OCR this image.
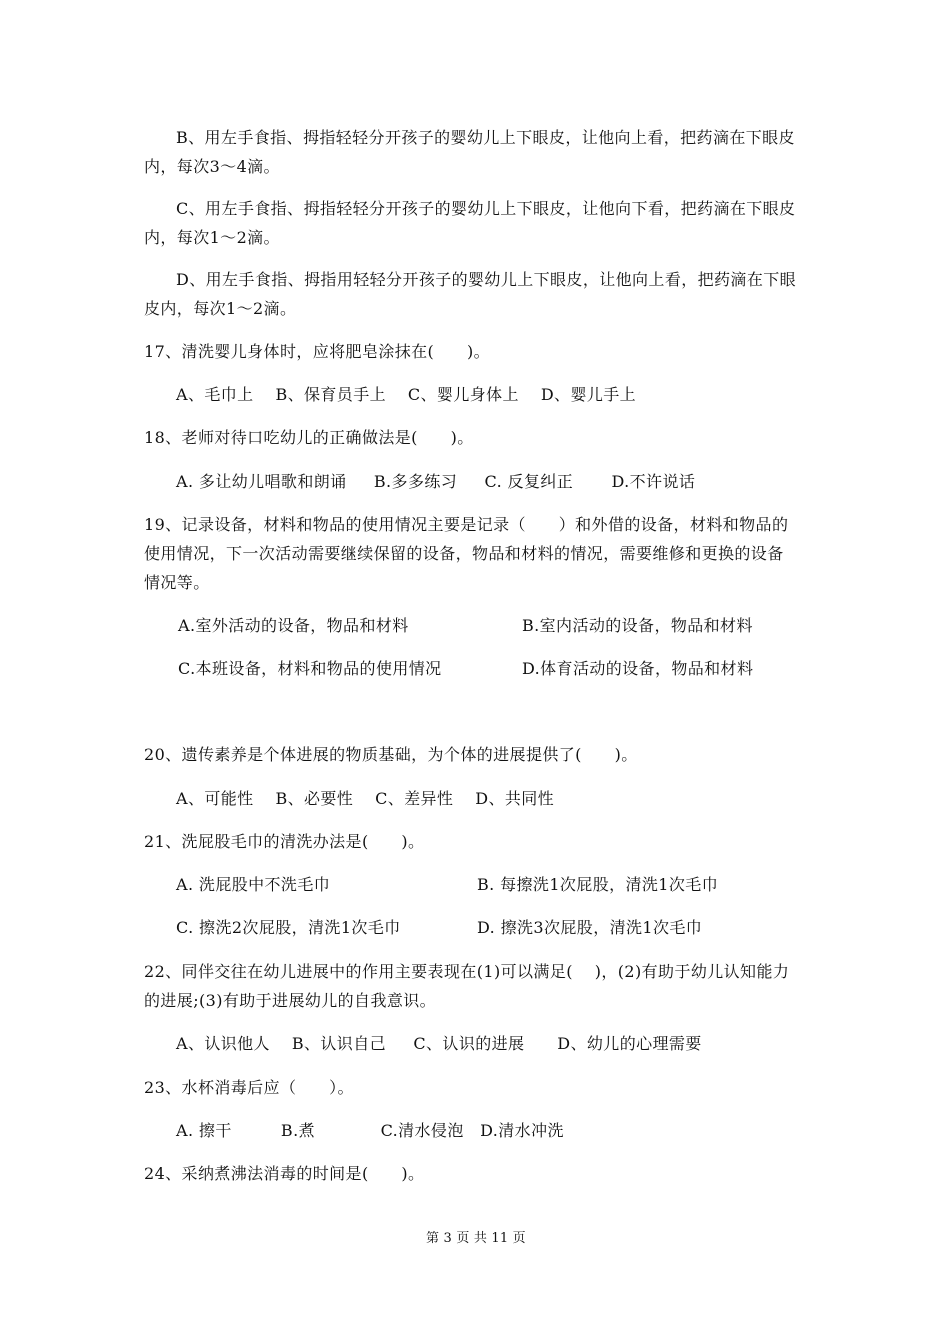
B、用左手食指、拇指轻轻分开孩子的婴幼儿上下眼皮，让他向上看，把药滴在下眼皮
内，每次3～4滴。
C、用左手食指、拇指轻轻分开孩子的婴幼儿上下眼皮，让他向下看，把药滴在下眼皮
内，每次1～2滴。
D、用左手食指、拇指用轻轻分开孩子的婴幼儿上下眼皮，让他向上看，把药滴在下眼
皮内，每次1～2滴。
17、清洗婴儿身体时，应将肥皂涂抹在(　　)。
A、毛巾上　 B、保育员手上　 C、婴儿身体上　 D、婴儿手上
18、老师对待口吃幼儿的正确做法是(　　)。
A. 多让幼儿唱歌和朗诵　  B.多多练习　  C. 反复纠正　    D.不许说话
19、记录设备，材料和物品的使用情况主要是记录（　　）和外借的设备，材料和物品的
使用情况，下一次活动需要继续保留的设备，物品和材料的情况，需要维修和更换的设备
情况等。
A.室外活动的设备，物品和材料	B.室内活动的设备，物品和材料
C.本班设备，材料和物品的使用情况	D.体育活动的设备，物品和材料
20、遗传素养是个体进展的物质基础，为个体的进展提供了(　　)。
A、可能性　 B、必要性　 C、差异性　 D、共同性
21、洗屁股毛巾的清洗办法是(　　)。
A. 洗屁股中不洗毛巾	B. 每擦洗1次屁股，清洗1次毛巾
C. 擦洗2次屁股，清洗1次毛巾	D. 擦洗3次屁股，清洗1次毛巾
22、同伴交往在幼儿进展中的作用主要表现在(1)可以满足(　 )，(2)有助于幼儿认知能力
的进展;(3)有助于进展幼儿的自我意识。
A、认识他人　 B、认识自己　  C、认识的进展　   D、幼儿的心理需要
23、水杯消毒后应（　　）。
A. 擦干　　　B.煮　　　　C.清水侵泡　D.清水冲洗
24、采纳煮沸法消毒的时间是(　　)。
第 3 页 共 11 页
